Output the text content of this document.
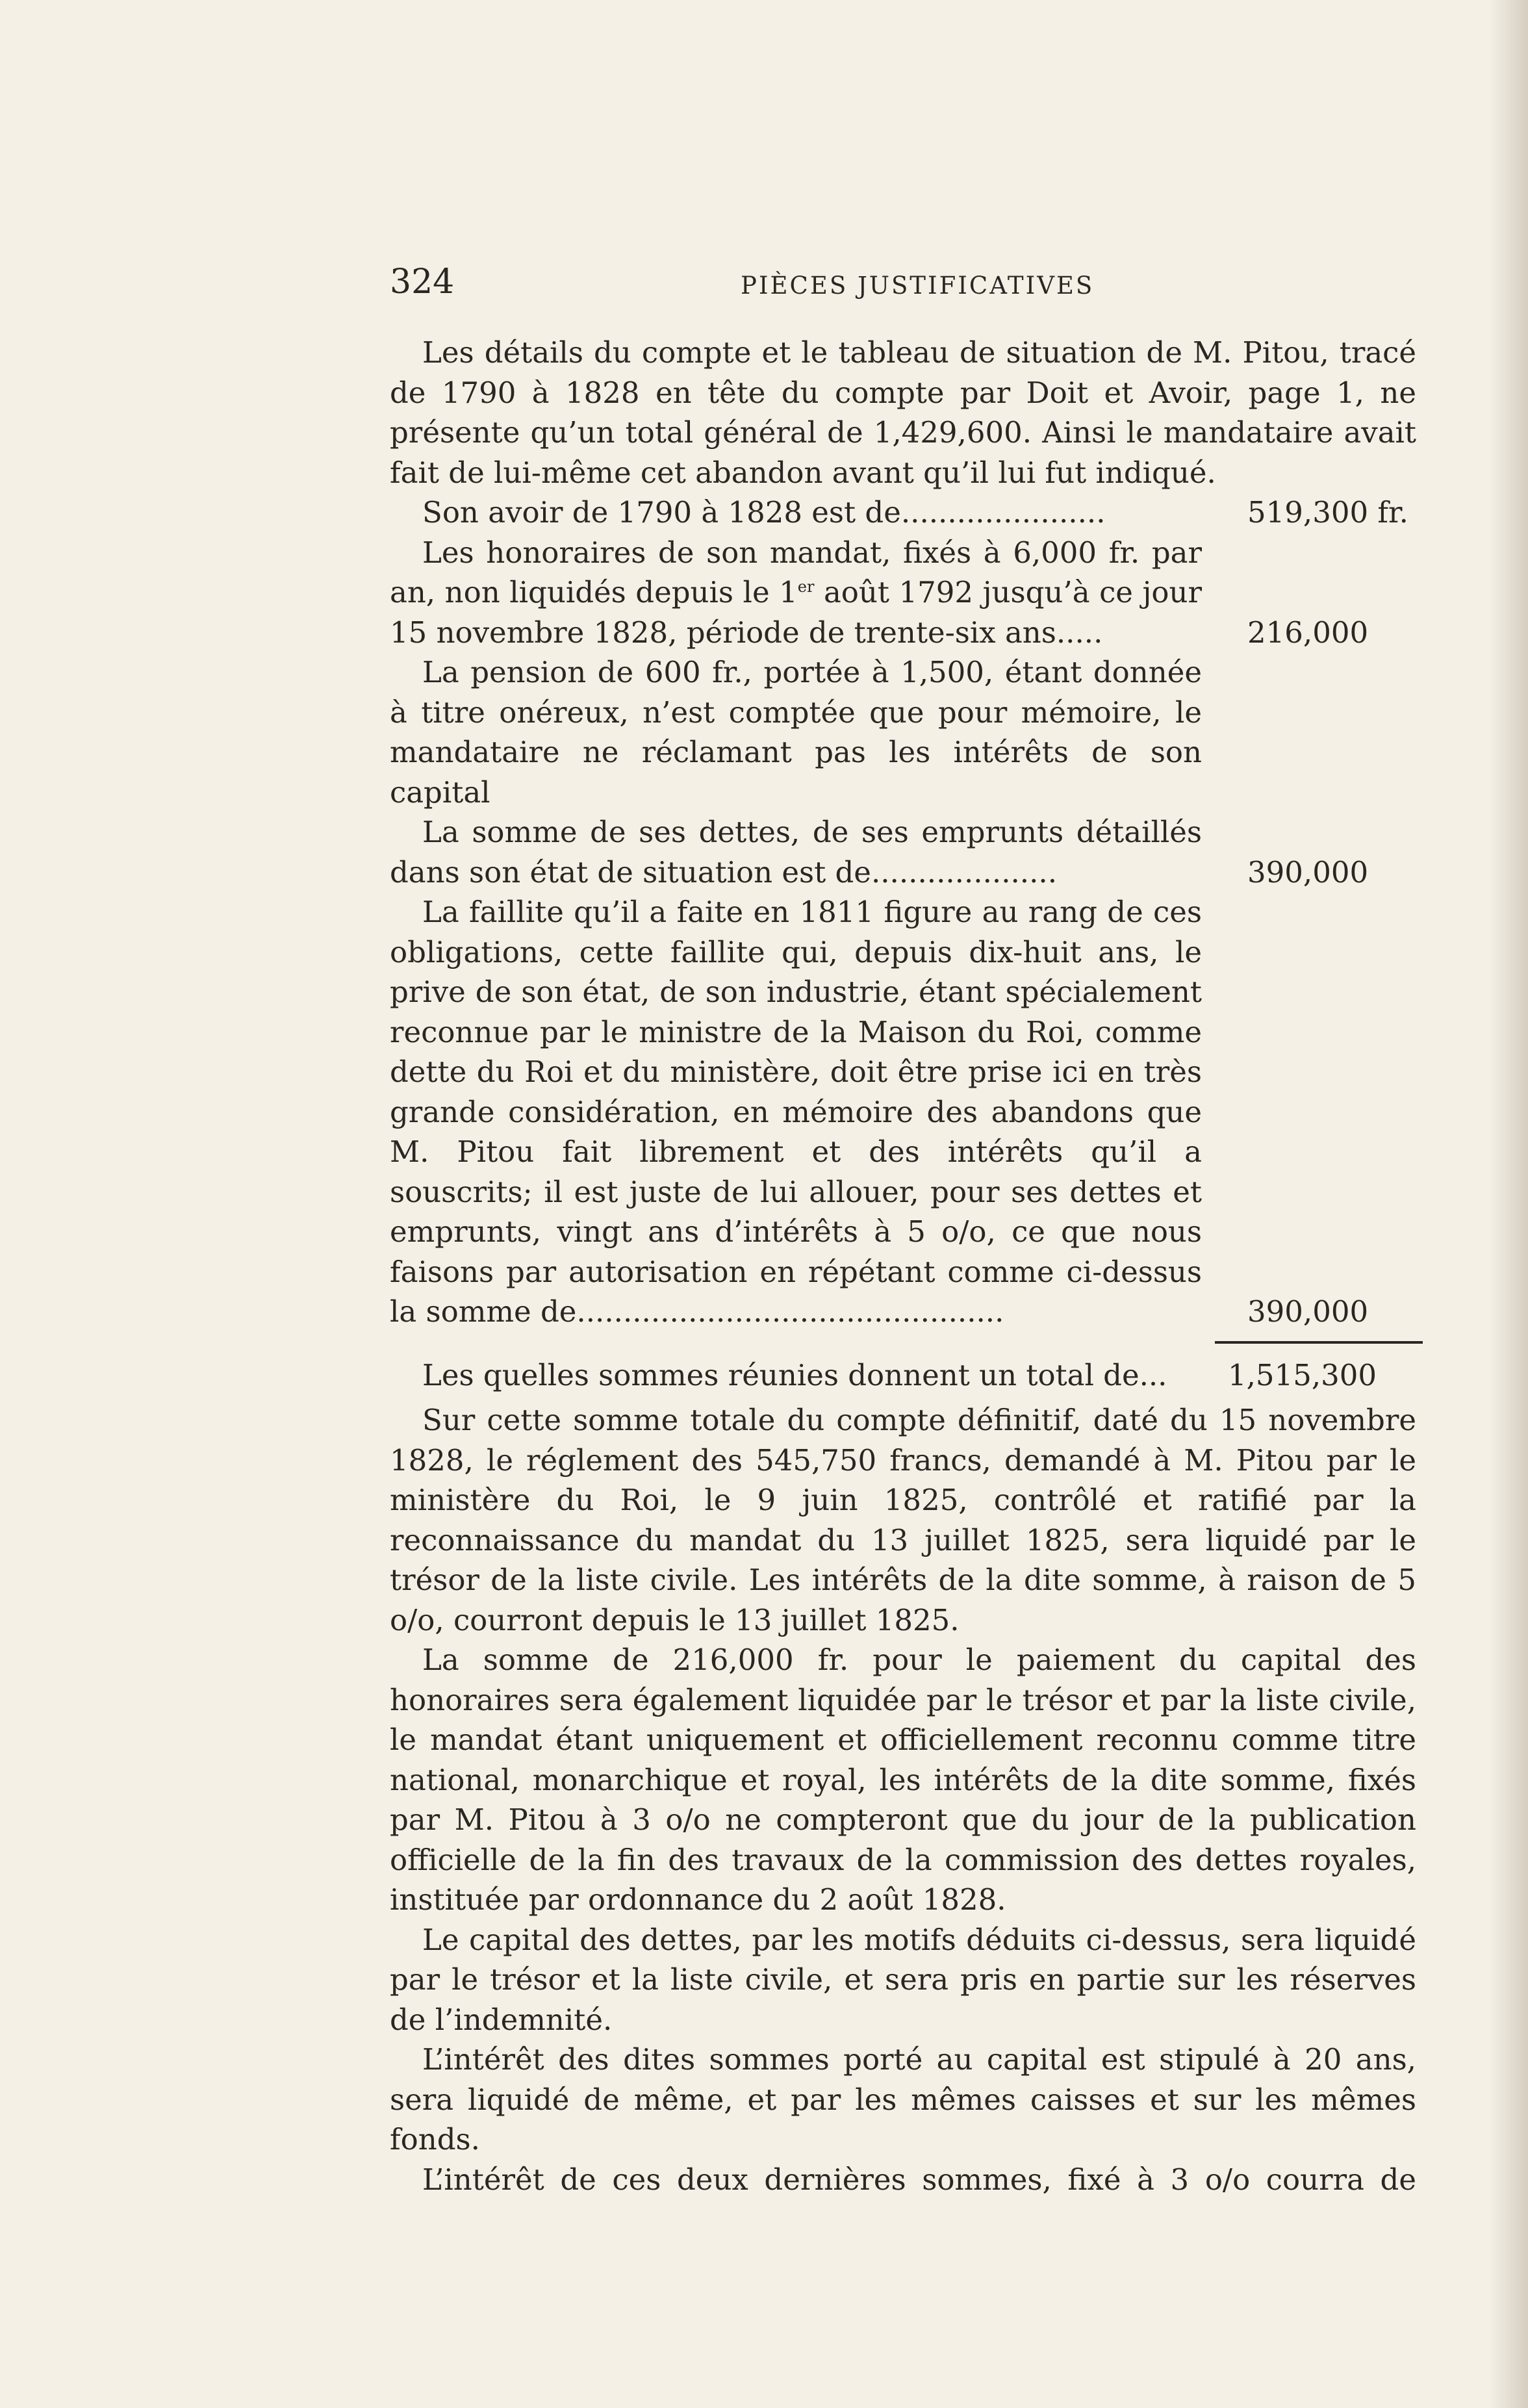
324	PIÈCES JUSTIFICATIVES

Les détails du compte et le tableau de situation de M. Pitou, tracé de 1790 à 1828 en tête du compte par Doit et Avoir, page 1, ne présente qu’un total général de 1,429,600. Ainsi le mandataire avait fait de lui-même cet abandon avant qu’il lui fut indiqué.

Son avoir de 1790 à 1828 est de......................	519,300 fr.
Les honoraires de son mandat, fixés à 6,000 fr. par an, non liquidés depuis le 1er août 1792 jusqu’à ce jour 15 novembre 1828, période de trente-six ans.....	216,000
La pension de 600 fr., portée à 1,500, étant donnée à titre onéreux, n’est comptée que pour mémoire, le mandataire ne réclamant pas les intérêts de son capital
La somme de ses dettes, de ses emprunts détaillés dans son état de situation est de....................	390,000
La faillite qu’il a faite en 1811 figure au rang de ces obligations, cette faillite qui, depuis dix-huit ans, le prive de son état, de son industrie, étant spécialement reconnue par le ministre de la Maison du Roi, comme dette du Roi et du ministère, doit être prise ici en très grande considération, en mémoire des abandons que M. Pitou fait librement et des intérêts qu’il a souscrits; il est juste de lui allouer, pour ses dettes et emprunts, vingt ans d’intérêts à 5 o/o, ce que nous faisons par autorisation en répétant comme ci-dessus la somme de..............................................	390,000
Les quelles sommes réunies donnent un total de...	1,515,300

Sur cette somme totale du compte définitif, daté du 15 novembre 1828, le réglement des 545,750 francs, demandé à M. Pitou par le ministère du Roi, le 9 juin 1825, contrôlé et ratifié par la reconnaissance du mandat du 13 juillet 1825, sera liquidé par le trésor de la liste civile. Les intérêts de la dite somme, à raison de 5 o/o, courront depuis le 13 juillet 1825.

La somme de 216,000 fr. pour le paiement du capital des honoraires sera également liquidée par le trésor et par la liste civile, le mandat étant uniquement et officiellement reconnu comme titre national, monarchique et royal, les intérêts de la dite somme, fixés par M. Pitou à 3 o/o ne compteront que du jour de la publication officielle de la fin des travaux de la commission des dettes royales, instituée par ordonnance du 2 août 1828.

Le capital des dettes, par les motifs déduits ci-dessus, sera liquidé par le trésor et la liste civile, et sera pris en partie sur les réserves de l’indemnité.

L’intérêt des dites sommes porté au capital est stipulé à 20 ans, sera liquidé de même, et par les mêmes caisses et sur les mêmes fonds.

L’intérêt de ces deux dernières sommes, fixé à 3 o/o courra de
